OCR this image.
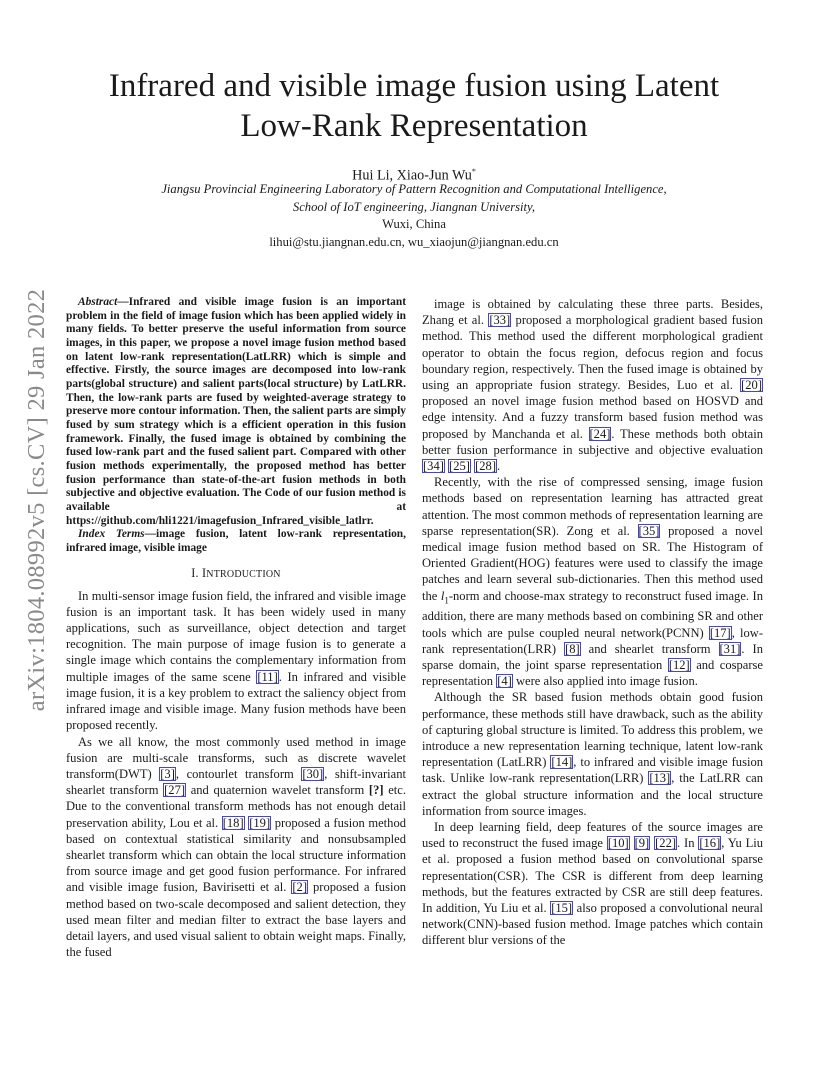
arXiv:1804.08992v5 [cs.CV] 29 Jan 2022
Infrared and visible image fusion using Latent
Low-Rank Representation
Hui Li, Xiao-Jun Wu*
Jiangsu Provincial Engineering Laboratory of Pattern Recognition and Computational Intelligence,
School of IoT engineering, Jiangnan University,
Wuxi, China
lihui@stu.jiangnan.edu.cn, wu_xiaojun@jiangnan.edu.cn

Abstract—Infrared and visible image fusion is an important problem in the field of image fusion which has been applied widely in many fields. To better preserve the useful information from source images, in this paper, we propose a novel image fusion method based on latent low-rank representation(LatLRR) which is simple and effective. Firstly, the source images are decomposed into low-rank parts(global structure) and salient parts(local structure) by LatLRR. Then, the low-rank parts are fused by weighted-average strategy to preserve more contour information. Then, the salient parts are simply fused by sum strategy which is a efficient operation in this fusion framework. Finally, the fused image is obtained by combining the fused low-rank part and the fused salient part. Compared with other fusion methods experimentally, the proposed method has better fusion performance than state-of-the-art fusion methods in both subjective and objective evaluation. The Code of our fusion method is available at https://github.com/hli1221/imagefusion_Infrared_visible_latlrr.

Index Terms—image fusion, latent low-rank representation, infrared image, visible image

I. INTRODUCTION

In multi-sensor image fusion field, the infrared and visible image fusion is an important task. It has been widely used in many applications, such as surveillance, object detection and target recognition. The main purpose of image fusion is to generate a single image which contains the complementary information from multiple images of the same scene [11]. In infrared and visible image fusion, it is a key problem to extract the saliency object from infrared image and visible image. Many fusion methods have been proposed recently.

As we all know, the most commonly used method in image fusion are multi-scale transforms, such as discrete wavelet transform(DWT) [3], contourlet transform [30], shift-invariant shearlet transform [27] and quaternion wavelet transform [?] etc. Due to the conventional transform methods has not enough detail preservation ability, Lou et al. [18] [19] proposed a fusion method based on contextual statistical similarity and nonsubsampled shearlet transform which can obtain the local structure information from source image and get good fusion performance. For infrared and visible image fusion, Bavirisetti et al. [2] proposed a fusion method based on two-scale decomposed and salient detection, they used mean filter and median filter to extract the base layers and detail layers, and used visual salient to obtain weight maps. Finally, the fused

image is obtained by calculating these three parts. Besides, Zhang et al. [33] proposed a morphological gradient based fusion method. This method used the different morphological gradient operator to obtain the focus region, defocus region and focus boundary region, respectively. Then the fused image is obtained by using an appropriate fusion strategy. Besides, Luo et al. [20] proposed an novel image fusion method based on HOSVD and edge intensity. And a fuzzy transform based fusion method was proposed by Manchanda et al. [24]. These methods both obtain better fusion performance in subjective and objective evaluation [34] [25] [28].

Recently, with the rise of compressed sensing, image fusion methods based on representation learning has attracted great attention. The most common methods of representation learning are sparse representation(SR). Zong et al. [35] proposed a novel medical image fusion method based on SR. The Histogram of Oriented Gradient(HOG) features were used to classify the image patches and learn several sub-dictionaries. Then this method used the $l_1$-norm and choose-max strategy to reconstruct fused image. In addition, there are many methods based on combining SR and other tools which are pulse coupled neural network(PCNN) [17], low-rank representation(LRR) [8] and shearlet transform [31]. In sparse domain, the joint sparse representation [12] and cosparse representation [4] were also applied into image fusion.

Although the SR based fusion methods obtain good fusion performance, these methods still have drawback, such as the ability of capturing global structure is limited. To address this problem, we introduce a new representation learning technique, latent low-rank representation (LatLRR) [14], to infrared and visible image fusion task. Unlike low-rank representation(LRR) [13], the LatLRR can extract the global structure information and the local structure information from source images.

In deep learning field, deep features of the source images are used to reconstruct the fused image [10] [9] [22]. In [16], Yu Liu et al. proposed a fusion method based on convolutional sparse representation(CSR). The CSR is different from deep learning methods, but the features extracted by CSR are still deep features. In addition, Yu Liu et al. [15] also proposed a convolutional neural network(CNN)-based fusion method. Image patches which contain different blur versions of the
